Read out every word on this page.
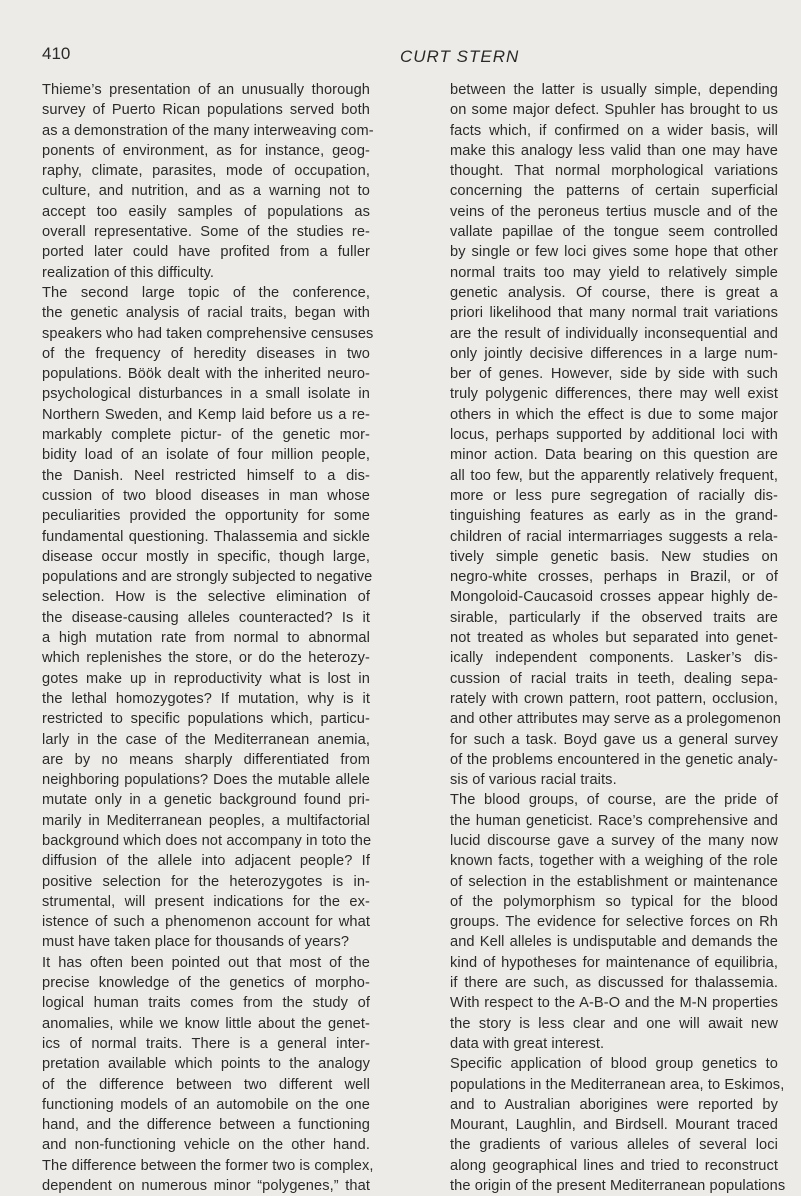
410	CURT STERN
Thieme’s presentation of an unusually thorough
survey of Puerto Rican populations served both
as a demonstration of the many interweaving com-
ponents of environment, as for instance, geog-
raphy, climate, parasites, mode of occupation,
culture, and nutrition, and as a warning not to
accept too easily samples of populations as
overall representative. Some of the studies re-
ported later could have profited from a fuller
realization of this difficulty.
The second large topic of the conference,
the genetic analysis of racial traits, began with
speakers who had taken comprehensive censuses
of the frequency of heredity diseases in two
populations. Böök dealt with the inherited neuro-
psychological disturbances in a small isolate in
Northern Sweden, and Kemp laid before us a re-
markably complete pictur- of the genetic mor-
bidity load of an isolate of four million people,
the Danish. Neel restricted himself to a dis-
cussion of two blood diseases in man whose
peculiarities provided the opportunity for some
fundamental questioning. Thalassemia and sickle
disease occur mostly in specific, though large,
populations and are strongly subjected to negative
selection. How is the selective elimination of
the disease-causing alleles counteracted? Is it
a high mutation rate from normal to abnormal
which replenishes the store, or do the heterozy-
gotes make up in reproductivity what is lost in
the lethal homozygotes? If mutation, why is it
restricted to specific populations which, particu-
larly in the case of the Mediterranean anemia,
are by no means sharply differentiated from
neighboring populations? Does the mutable allele
mutate only in a genetic background found pri-
marily in Mediterranean peoples, a multifactorial
background which does not accompany in toto the
diffusion of the allele into adjacent people? If
positive selection for the heterozygotes is in-
strumental, will present indications for the ex-
istence of such a phenomenon account for what
must have taken place for thousands of years?
It has often been pointed out that most of the
precise knowledge of the genetics of morpho-
logical human traits comes from the study of
anomalies, while we know little about the genet-
ics of normal traits. There is a general inter-
pretation available which points to the analogy
of the difference between two different well
functioning models of an automobile on the one
hand, and the difference between a functioning
and non-functioning vehicle on the other hand.
The difference between the former two is complex,
dependent on numerous minor “polygenes,” that
between the latter is usually simple, depending
on some major defect. Spuhler has brought to us
facts which, if confirmed on a wider basis, will
make this analogy less valid than one may have
thought. That normal morphological variations
concerning the patterns of certain superficial
veins of the peroneus tertius muscle and of the
vallate papillae of the tongue seem controlled
by single or few loci gives some hope that other
normal traits too may yield to relatively simple
genetic analysis. Of course, there is great a
priori likelihood that many normal trait variations
are the result of individually inconsequential and
only jointly decisive differences in a large num-
ber of genes. However, side by side with such
truly polygenic differences, there may well exist
others in which the effect is due to some major
locus, perhaps supported by additional loci with
minor action. Data bearing on this question are
all too few, but the apparently relatively frequent,
more or less pure segregation of racially dis-
tinguishing features as early as in the grand-
children of racial intermarriages suggests a rela-
tively simple genetic basis. New studies on
negro-white crosses, perhaps in Brazil, or of
Mongoloid-Caucasoid crosses appear highly de-
sirable, particularly if the observed traits are
not treated as wholes but separated into genet-
ically independent components. Lasker’s dis-
cussion of racial traits in teeth, dealing sepa-
rately with crown pattern, root pattern, occlusion,
and other attributes may serve as a prolegomenon
for such a task. Boyd gave us a general survey
of the problems encountered in the genetic analy-
sis of various racial traits.
The blood groups, of course, are the pride of
the human geneticist. Race’s comprehensive and
lucid discourse gave a survey of the many now
known facts, together with a weighing of the role
of selection in the establishment or maintenance
of the polymorphism so typical for the blood
groups. The evidence for selective forces on Rh
and Kell alleles is undisputable and demands the
kind of hypotheses for maintenance of equilibria,
if there are such, as discussed for thalassemia.
With respect to the A-B-O and the M-N properties
the story is less clear and one will await new
data with great interest.
Specific application of blood group genetics to
populations in the Mediterranean area, to Eskimos,
and to Australian aborigines were reported by
Mourant, Laughlin, and Birdsell. Mourant traced
the gradients of various alleles of several loci
along geographical lines and tried to reconstruct
the origin of the present Mediterranean populations
